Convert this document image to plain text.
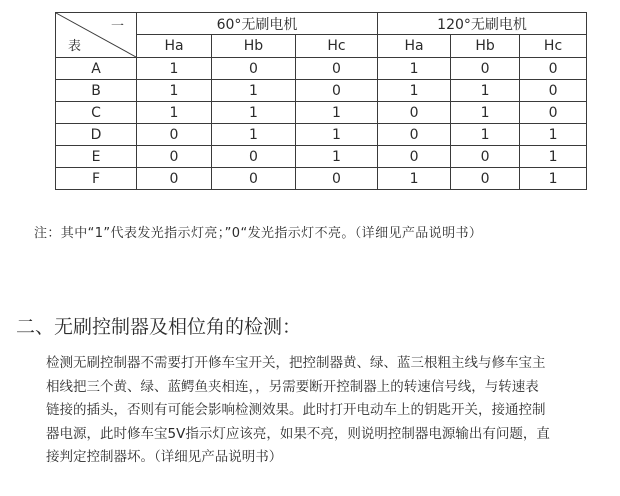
一
表	60°无刷电机			120°无刷电机		
	Ha	Hb	Hc	Ha	Hb	Hc
A	1	0	0	1	0	0
B	1	1	0	1	1	0
C	1	1	1	0	1	0
D	0	1	1	0	1	1
E	0	0	1	0	0	1
F	0	0	0	1	0	1
注：其中“1”代表发光指示灯亮；”0“发光指示灯不亮。（详细见产品说明书）
二、无刷控制器及相位角的检测：
检测无刷控制器不需要打开修车宝开关，把控制器黄、绿、蓝三根粗主线与修车宝主
相线把三个黄、绿、蓝鳄鱼夹相连，，另需要断开控制器上的转速信号线，与转速表
链接的插头，否则有可能会影响检测效果。此时打开电动车上的钥匙开关，接通控制
器电源，此时修车宝5V指示灯应该亮，如果不亮，则说明控制器电源输出有问题，直
接判定控制器坏。（详细见产品说明书）
